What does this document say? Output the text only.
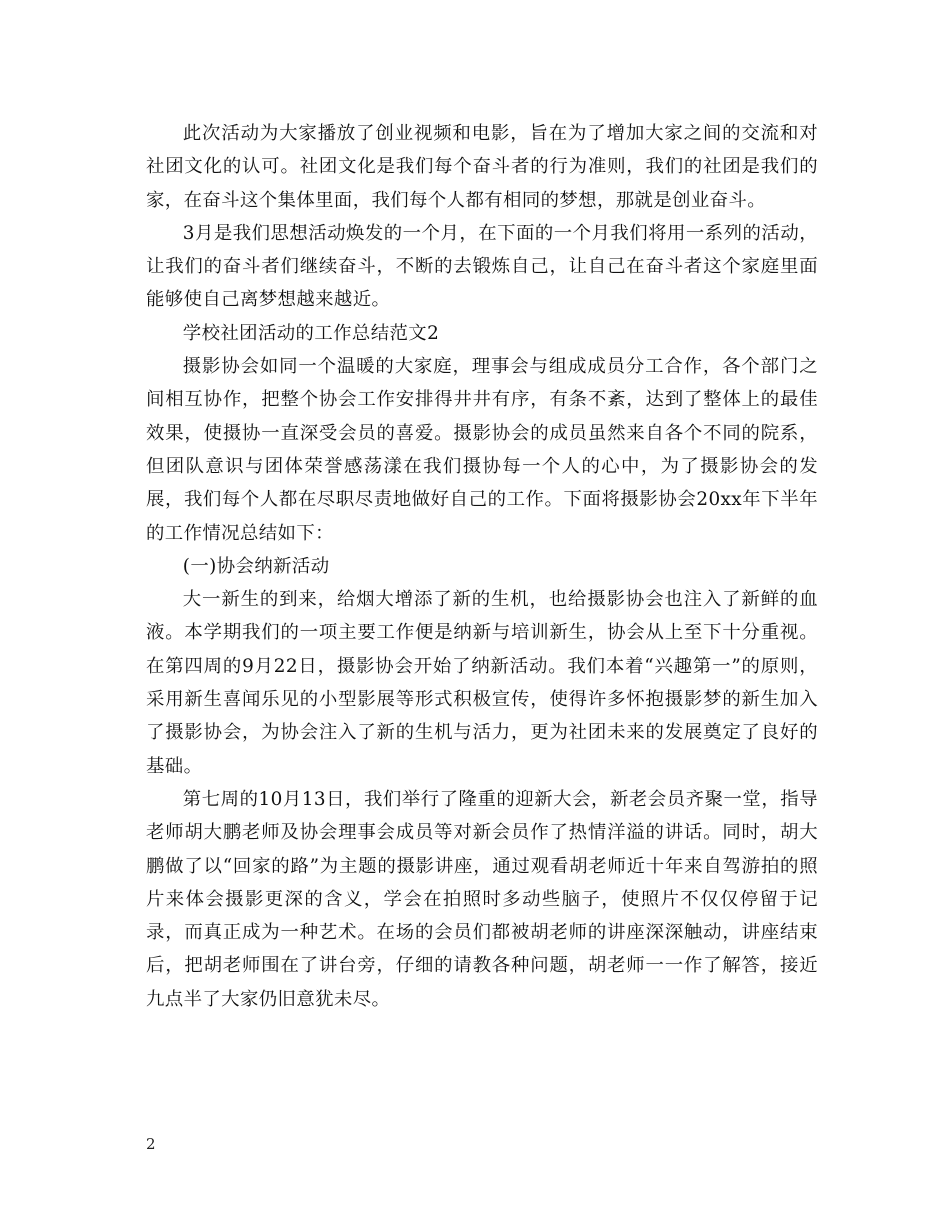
此次活动为大家播放了创业视频和电影，旨在为了增加大家之间的交流和对社团文化的认可。社团文化是我们每个奋斗者的行为准则，我们的社团是我们的家，在奋斗这个集体里面，我们每个人都有相同的梦想，那就是创业奋斗。

3月是我们思想活动焕发的一个月，在下面的一个月我们将用一系列的活动，让我们的奋斗者们继续奋斗，不断的去锻炼自己，让自己在奋斗者这个家庭里面能够使自己离梦想越来越近。

学校社团活动的工作总结范文2

摄影协会如同一个温暖的大家庭，理事会与组成成员分工合作，各个部门之间相互协作，把整个协会工作安排得井井有序，有条不紊，达到了整体上的最佳效果，使摄协一直深受会员的喜爱。摄影协会的成员虽然来自各个不同的院系，但团队意识与团体荣誉感荡漾在我们摄协每一个人的心中，为了摄影协会的发展，我们每个人都在尽职尽责地做好自己的工作。下面将摄影协会20xx年下半年的工作情况总结如下：

(一)协会纳新活动

大一新生的到来，给烟大增添了新的生机，也给摄影协会也注入了新鲜的血液。本学期我们的一项主要工作便是纳新与培训新生，协会从上至下十分重视。在第四周的9月22日，摄影协会开始了纳新活动。我们本着“兴趣第一”的原则，采用新生喜闻乐见的小型影展等形式积极宣传，使得许多怀抱摄影梦的新生加入了摄影协会，为协会注入了新的生机与活力，更为社团未来的发展奠定了良好的基础。

第七周的10月13日，我们举行了隆重的迎新大会，新老会员齐聚一堂，指导老师胡大鹏老师及协会理事会成员等对新会员作了热情洋溢的讲话。同时，胡大鹏做了以“回家的路”为主题的摄影讲座，通过观看胡老师近十年来自驾游拍的照片来体会摄影更深的含义，学会在拍照时多动些脑子，使照片不仅仅停留于记录，而真正成为一种艺术。在场的会员们都被胡老师的讲座深深触动，讲座结束后，把胡老师围在了讲台旁，仔细的请教各种问题，胡老师一一作了解答，接近九点半了大家仍旧意犹未尽。

2
